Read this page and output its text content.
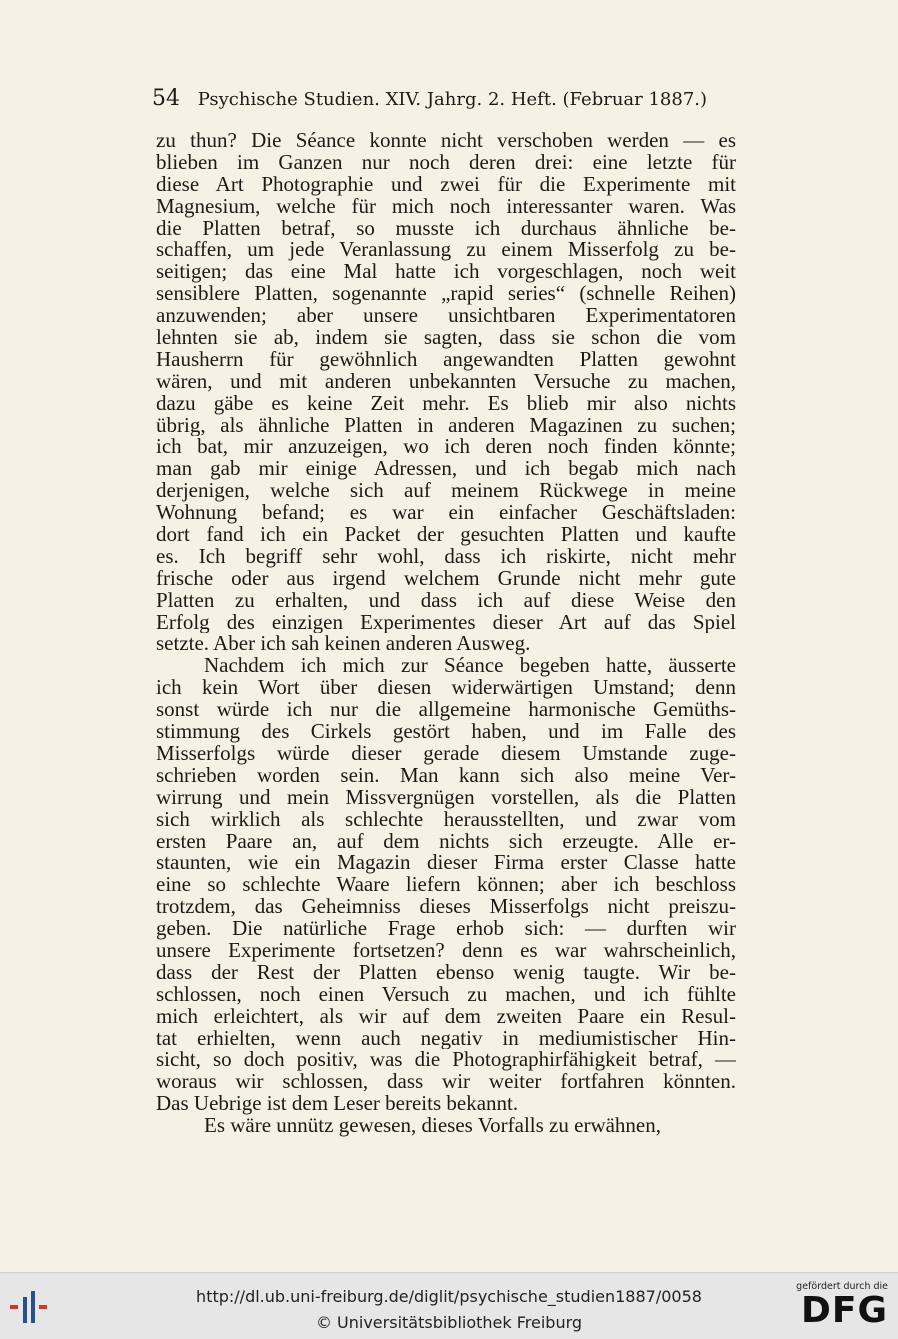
54 Psychische Studien. XIV. Jahrg. 2. Heft. (Februar 1887.)
zu thun? Die Séance konnte nicht verschoben werden — es
blieben im Ganzen nur noch deren drei: eine letzte für
diese Art Photographie und zwei für die Experimente mit
Magnesium, welche für mich noch interessanter waren. Was
die Platten betraf, so musste ich durchaus ähnliche be-
schaffen, um jede Veranlassung zu einem Misserfolg zu be-
seitigen; das eine Mal hatte ich vorgeschlagen, noch weit
sensiblere Platten, sogenannte „rapid series“ (schnelle Reihen)
anzuwenden; aber unsere unsichtbaren Experimentatoren
lehnten sie ab, indem sie sagten, dass sie schon die vom
Hausherrn für gewöhnlich angewandten Platten gewohnt
wären, und mit anderen unbekannten Versuche zu machen,
dazu gäbe es keine Zeit mehr. Es blieb mir also nichts
übrig, als ähnliche Platten in anderen Magazinen zu suchen;
ich bat, mir anzuzeigen, wo ich deren noch finden könnte;
man gab mir einige Adressen, und ich begab mich nach
derjenigen, welche sich auf meinem Rückwege in meine
Wohnung befand; es war ein einfacher Geschäftsladen:
dort fand ich ein Packet der gesuchten Platten und kaufte
es. Ich begriff sehr wohl, dass ich riskirte, nicht mehr
frische oder aus irgend welchem Grunde nicht mehr gute
Platten zu erhalten, und dass ich auf diese Weise den
Erfolg des einzigen Experimentes dieser Art auf das Spiel
setzte. Aber ich sah keinen anderen Ausweg.
Nachdem ich mich zur Séance begeben hatte, äusserte
ich kein Wort über diesen widerwärtigen Umstand; denn
sonst würde ich nur die allgemeine harmonische Gemüths-
stimmung des Cirkels gestört haben, und im Falle des
Misserfolgs würde dieser gerade diesem Umstande zuge-
schrieben worden sein. Man kann sich also meine Ver-
wirrung und mein Missvergnügen vorstellen, als die Platten
sich wirklich als schlechte herausstellten, und zwar vom
ersten Paare an, auf dem nichts sich erzeugte. Alle er-
staunten, wie ein Magazin dieser Firma erster Classe hatte
eine so schlechte Waare liefern können; aber ich beschloss
trotzdem, das Geheimniss dieses Misserfolgs nicht preiszu-
geben. Die natürliche Frage erhob sich: — durften wir
unsere Experimente fortsetzen? denn es war wahrscheinlich,
dass der Rest der Platten ebenso wenig taugte. Wir be-
schlossen, noch einen Versuch zu machen, und ich fühlte
mich erleichtert, als wir auf dem zweiten Paare ein Resul-
tat erhielten, wenn auch negativ in mediumistischer Hin-
sicht, so doch positiv, was die Photographirfähigkeit betraf, —
woraus wir schlossen, dass wir weiter fortfahren könnten.
Das Uebrige ist dem Leser bereits bekannt.
Es wäre unnütz gewesen, dieses Vorfalls zu erwähnen,
http://dl.ub.uni-freiburg.de/diglit/psychische_studien1887/0058
© Universitätsbibliothek Freiburg
gefördert durch die
DFG
